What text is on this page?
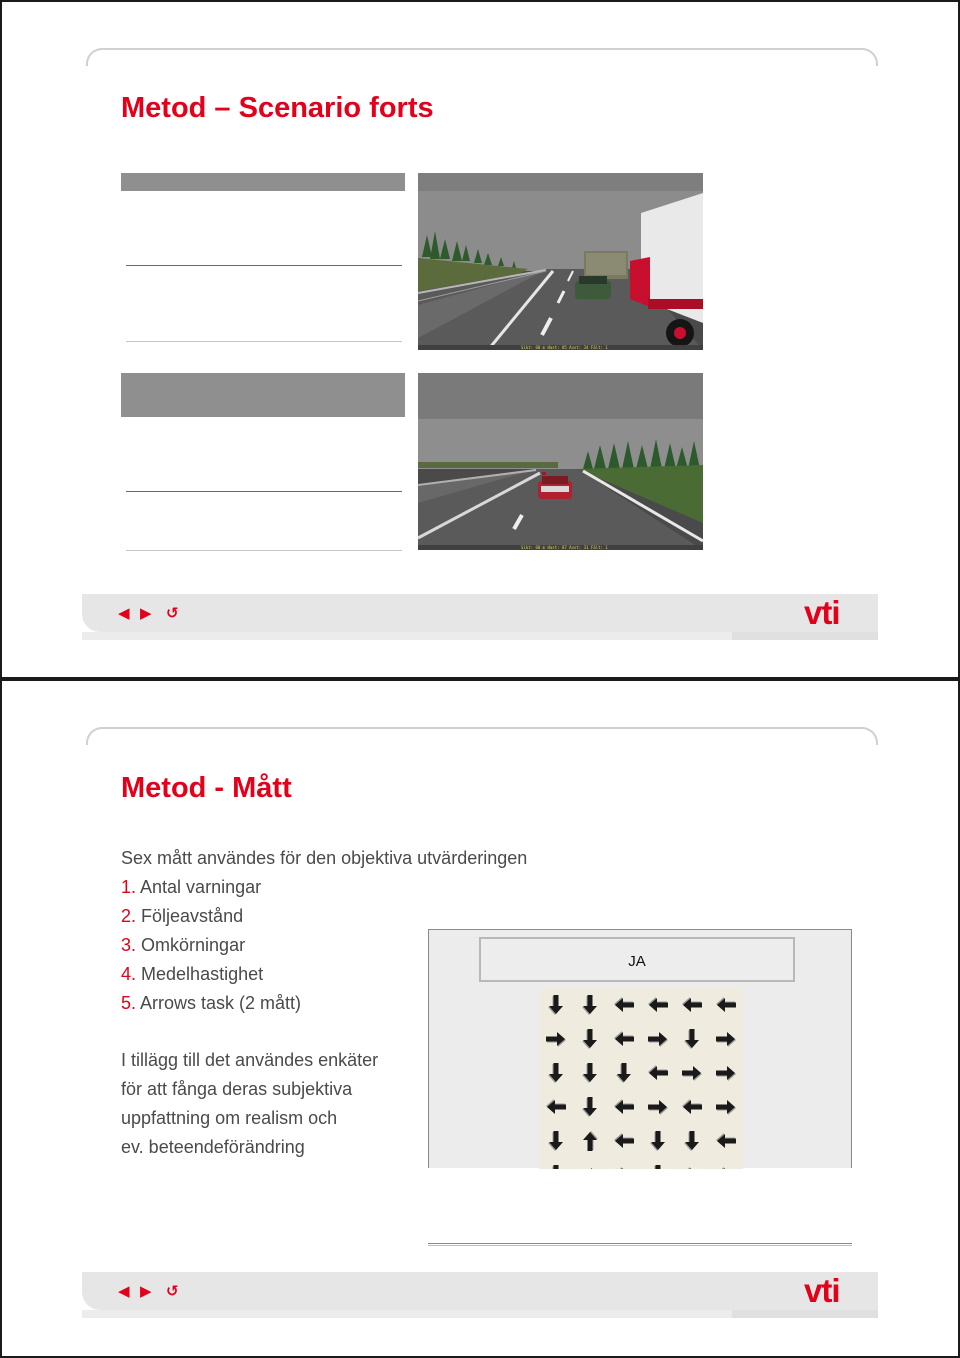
Metod – Scenario forts
Sikt: 60 m Hast: 85 Avst: 34 Fält: 1
Sikt: 60 m Hast: 87 Avst: 31 Fält: 1
◀ ▶ ↺	vti
Metod - Mått
Sex mått användes för den objektiva utvärderingen
1. Antal varningar
2. Följeavstånd
3. Omkörningar
4. Medelhastighet
5. Arrows task (2 mått)
I tillägg till det användes enkäter
för att fånga deras subjektiva
uppfattning om realism och
ev. beteendeförändring
◀ ▶ ↺	vti
JA
